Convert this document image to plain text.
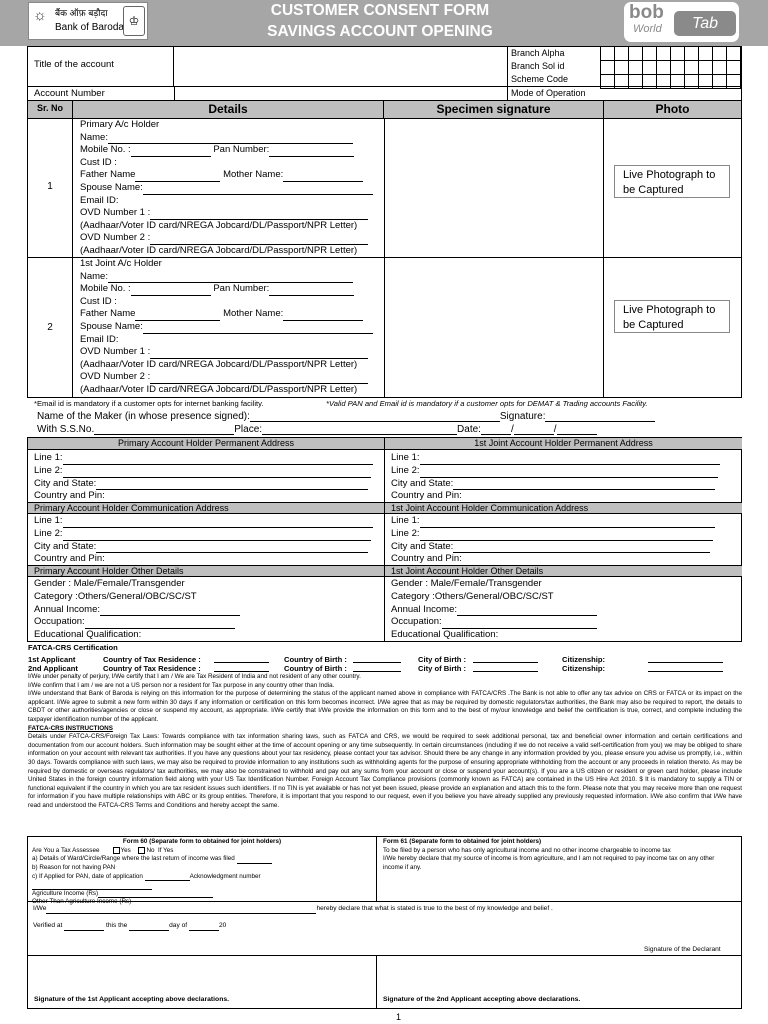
☼ बैंक ऑफ़ बड़ौदा
Bank of Baroda ♔
CUSTOMER CONSENT FORM
SAVINGS ACCOUNT OPENING
bob
World	Tab
Title of the account
Branch Alpha
Branch Sol id
Scheme Code

Account Number	Mode of Operation
Sr. No	Details	Specimen signature	Photo
1
Primary A/c Holder
Name:
Mobile No. :	Pan Number:
Cust ID :
Father Name	Mother Name:
Spouse Name:
Email ID:
OVD Number 1 :
(Aadhaar/Voter ID card/NREGA Jobcard/DL/Passport/NPR Letter)
OVD Number 2 :
(Aadhaar/Voter ID card/NREGA Jobcard/DL/Passport/NPR Letter)
Live Photograph to be Captured
2
1st Joint A/c Holder
Name:
Mobile No. :	Pan Number:
Cust ID :
Father Name	Mother Name:
Spouse Name:
Email ID:
OVD Number 1 :
(Aadhaar/Voter ID card/NREGA Jobcard/DL/Passport/NPR Letter)
OVD Number 2 :
(Aadhaar/Voter ID card/NREGA Jobcard/DL/Passport/NPR Letter)
Live Photograph to be Captured
*Email id is mandatory if a customer opts for internet banking facility.	*Valid PAN and Email id is mandatory if a customer opts for DEMAT & Trading accounts Facility.
Name of the Maker (in whose presence signed):	Signature:
With S.S.No.	Place:	Date:	/	/
Primary Account Holder Permanent Address	1st Joint Account Holder Permanent Address
Line 1:
Line 2:
City and State:
Country and Pin:
Line 1:
Line 2:
City and State:
Country and Pin:
Primary Account Holder Communication Address	1st Joint Account Holder Communication Address
Line 1:
Line 2:
City and State:
Country and Pin:
Line 1:
Line 2:
City and State:
Country and Pin:
Primary Account Holder Other Details	1st Joint Account Holder Other Details
Gender : Male/Female/Transgender
Category :Others/General/OBC/SC/ST
Annual Income:
Occupation:
Educational Qualification:
Gender : Male/Female/Transgender
Category :Others/General/OBC/SC/ST
Annual Income:
Occupation:
Educational Qualification:
FATCA-CRS Certification
1st Applicant	Country of Tax Residence :	Country of Birth :	City of Birth :	Citizenship:
2nd Applicant	Country of Tax Residence :	Country of Birth :	City of Birth :	Citizenship:
I/We under penalty of perjury, I/We certify that I am / We are Tax Resident of India and not resident of any other country.
I/We confirm that I am / we are not a US person nor a resident for Tax purpose in any country other than India.
I/We understand that Bank of Baroda is relying on this information for the purpose of determining the status of the applicant named above in compliance with FATCA/CRS .The Bank is not able to offer any tax advice on CRS or FATCA or its impact on the applicant. I/We agree to submit a new form within 30 days if any information or certification on this form becomes incorrect. I/We agree that as may be required by domestic regulators/tax authorities, the Bank may also be required to report, the details to CBDT or other authorities/agencies or close or suspend my account, as appropriate. I/We certify that I/We provide the information on this form and to the best of my/our knowledge and belief the certification is true, correct, and complete including the taxpayer identification number of the applicant.
FATCA-CRS INSTRUCTIONS
Details under FATCA-CRS/Foreign Tax Laws: Towards compliance with tax information sharing laws, such as FATCA and CRS, we would be required to seek additional personal, tax and beneficial owner information and certain certifications and documentation from our account holders. Such information may be sought either at the time of account opening or any time subsequently. In certain circumstances (including if we do not receive a valid self-certification from you) we may be obliged to share information on your account with relevant tax authorities. If you have any questions about your tax residency, please contact your tax advisor. Should there be any change in any information provided by you, please ensure you advise us promptly, i.e., within 30 days. Towards compliance with such laws, we may also be required to provide information to any institutions such as withholding agents for the purpose of ensuring appropriate withholding from the account or any proceeds in relation thereto. As may be required by domestic or overseas regulators/ tax authorities, we may also be constrained to withhold and pay out any sums from your account or close or suspend your account(s). If you are a US citizen or resident or green card holder, please include United States in the foreign country information field along with your US Tax Identification Number. Foreign Account Tax Compliance provisions (commonly known as FATCA) are contained in the US Hire Act 2010. $ It is mandatory to supply a TIN or functional equivalent if the country in which you are tax resident issues such identifiers. If no TIN is yet available or has not yet been issued, please provide an explanation and attach this to the form. Please note that you may receive more than one request for information if you have multiple relationships with ABC or its group entities. Therefore, it is important that you respond to our request, even if you believe you have already supplied any previously requested information. I/We also confirm that I/We have read and understood the FATCA-CRS Terms and Conditions and hereby accept the same.
Form 60 (Separate form to obtained for joint holders)
Are You a Tax Assessee	Yes	No If Yes
a) Details of Ward/Circle/Range where the last return of income was filed
b) Reason for not having PAN
c) If Applied for PAN, date of application	Acknowledgment number
Agriculture Income (Rs)
Other Than Agriculture Income (Rs)
Form 61 (Separate form to obtained for joint holders)
To be filed by a person who has only agricultural income and no other income chargeable to income tax
I/We hereby declare that my source of income is from agriculture, and I am not required to pay income tax on any other income if any.
I/We	hereby declare that what is stated is true to the best of my knowledge and belief .
Verified at	this the	day of	20
Signature of the Declarant
Signature of the 1st Applicant accepting above declarations.	Signature of the 2nd Applicant accepting above declarations.
1
